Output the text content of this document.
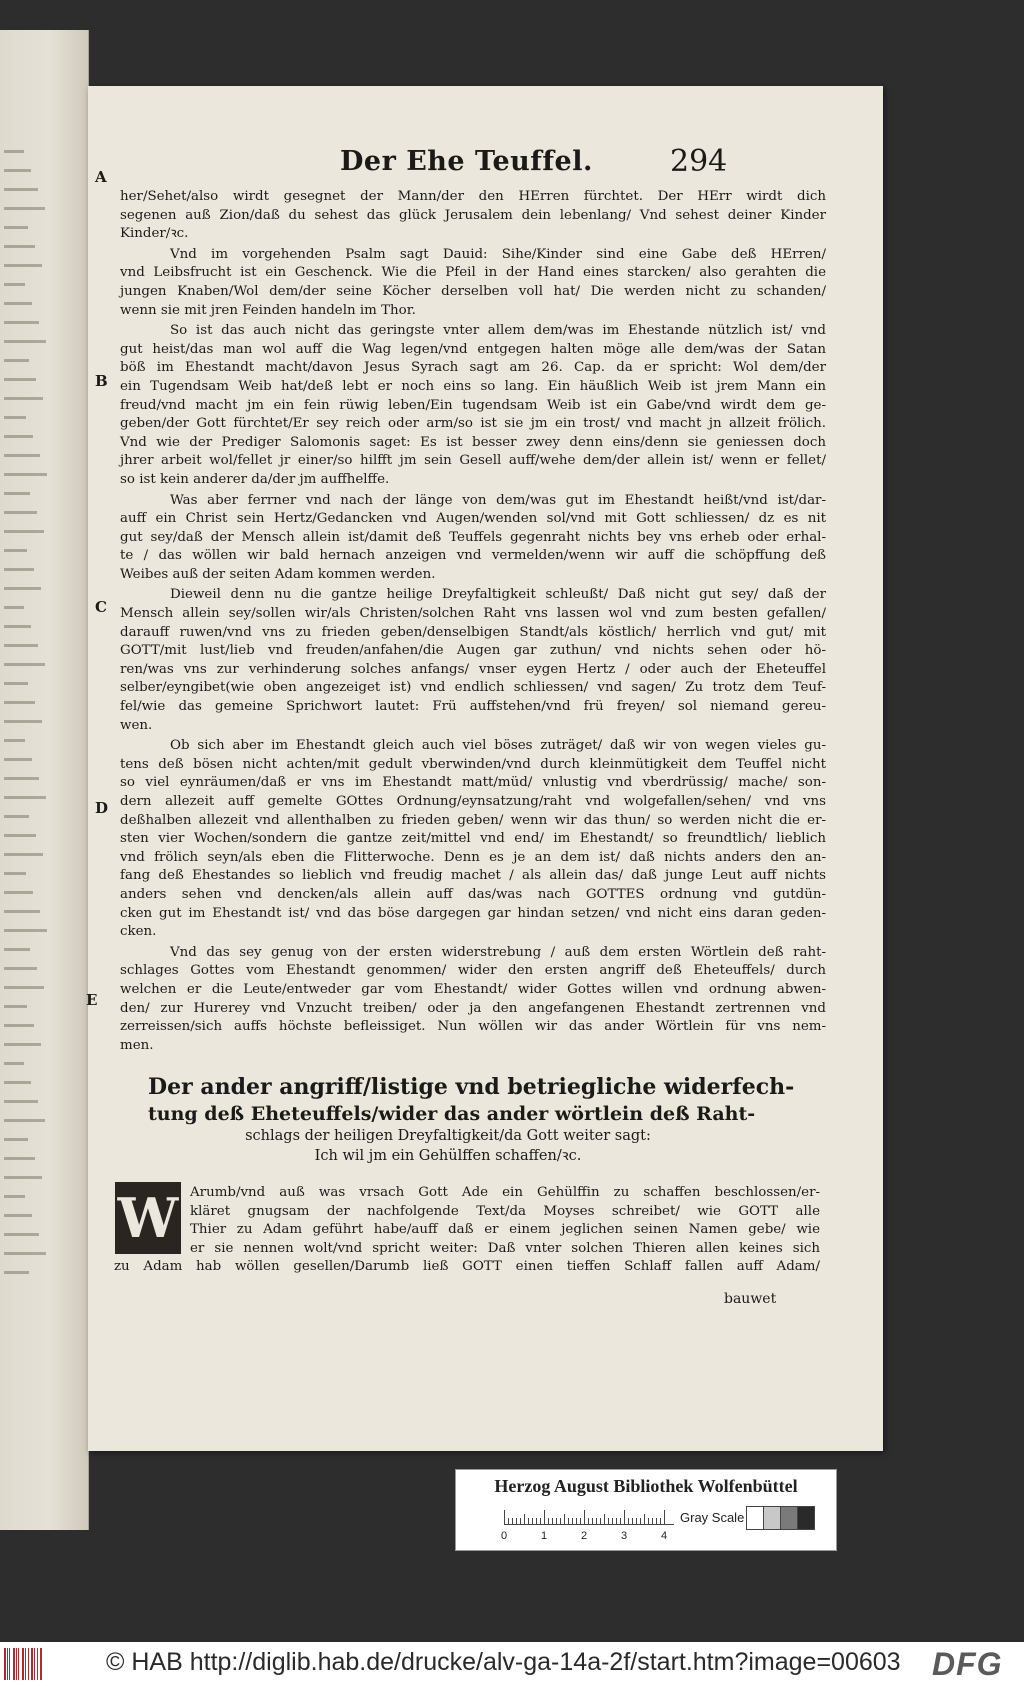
Der Ehe Teuffel.	294
A
B
C
D
E
her/Sehet/also wirdt gesegnet der Mann/der den HErren fürchtet. Der HErr wirdt dich
segenen auß Zion/daß du sehest das glück Jerusalem dein lebenlang/ Vnd sehest deiner Kinder
Kinder/ꝛc.
Vnd im vorgehenden Psalm sagt Dauid: Sihe/Kinder sind eine Gabe deß HErren/
vnd Leibsfrucht ist ein Geschenck. Wie die Pfeil in der Hand eines starcken/ also gerahten die
jungen Knaben/Wol dem/der seine Köcher derselben voll hat/ Die werden nicht zu schanden/
wenn sie mit jren Feinden handeln im Thor.
So ist das auch nicht das geringste vnter allem dem/was im Ehestande nützlich ist/ vnd
gut heist/das man wol auff die Wag legen/vnd entgegen halten möge alle dem/was der Satan
böß im Ehestandt macht/davon Jesus Syrach sagt am 26. Cap. da er spricht: Wol dem/der
ein Tugendsam Weib hat/deß lebt er noch eins so lang. Ein häußlich Weib ist jrem Mann ein
freud/vnd macht jm ein fein rüwig leben/Ein tugendsam Weib ist ein Gabe/vnd wirdt dem ge-
geben/der Gott fürchtet/Er sey reich oder arm/so ist sie jm ein trost/ vnd macht jn allzeit frölich.
Vnd wie der Prediger Salomonis saget: Es ist besser zwey denn eins/denn sie geniessen doch
jhrer arbeit wol/fellet jr einer/so hilfft jm sein Gesell auff/wehe dem/der allein ist/ wenn er fellet/
so ist kein anderer da/der jm auffhelffe.
Was aber ferrner vnd nach der länge von dem/was gut im Ehestandt heißt/vnd ist/dar-
auff ein Christ sein Hertz/Gedancken vnd Augen/wenden sol/vnd mit Gott schliessen/ dz es nit
gut sey/daß der Mensch allein ist/damit deß Teuffels gegenraht nichts bey vns erheb oder erhal-
te / das wöllen wir bald hernach anzeigen vnd vermelden/wenn wir auff die schöpffung deß
Weibes auß der seiten Adam kommen werden.
Dieweil denn nu die gantze heilige Dreyfaltigkeit schleußt/ Daß nicht gut sey/ daß der
Mensch allein sey/sollen wir/als Christen/solchen Raht vns lassen wol vnd zum besten gefallen/
darauff ruwen/vnd vns zu frieden geben/denselbigen Standt/als köstlich/ herrlich vnd gut/ mit
GOTT/mit lust/lieb vnd freuden/anfahen/die Augen gar zuthun/ vnd nichts sehen oder hö-
ren/was vns zur verhinderung solches anfangs/ vnser eygen Hertz / oder auch der Eheteuffel
selber/eyngibet(wie oben angezeiget ist) vnd endlich schliessen/ vnd sagen/ Zu trotz dem Teuf-
fel/wie das gemeine Sprichwort lautet: Frü auffstehen/vnd frü freyen/ sol niemand gereu-
wen.
Ob sich aber im Ehestandt gleich auch viel böses zuträget/ daß wir von wegen vieles gu-
tens deß bösen nicht achten/mit gedult vberwinden/vnd durch kleinmütigkeit dem Teuffel nicht
so viel eynräumen/daß er vns im Ehestandt matt/müd/ vnlustig vnd vberdrüssig/ mache/ son-
dern allezeit auff gemelte GOttes Ordnung/eynsatzung/raht vnd wolgefallen/sehen/ vnd vns
deßhalben allezeit vnd allenthalben zu frieden geben/ wenn wir das thun/ so werden nicht die er-
sten vier Wochen/sondern die gantze zeit/mittel vnd end/ im Ehestandt/ so freundtlich/ lieblich
vnd frölich seyn/als eben die Flitterwoche. Denn es je an dem ist/ daß nichts anders den an-
fang deß Ehestandes so lieblich vnd freudig machet / als allein das/ daß junge Leut auff nichts
anders sehen vnd dencken/als allein auff das/was nach GOTTES ordnung vnd gutdün-
cken gut im Ehestandt ist/ vnd das böse dargegen gar hindan setzen/ vnd nicht eins daran geden-
cken.
Vnd das sey genug von der ersten widerstrebung / auß dem ersten Wörtlein deß raht-
schlages Gottes vom Ehestandt genommen/ wider den ersten angriff deß Eheteuffels/ durch
welchen er die Leute/entweder gar vom Ehestandt/ wider Gottes willen vnd ordnung abwen-
den/ zur Hurerey vnd Vnzucht treiben/ oder ja den angefangenen Ehestandt zertrennen vnd
zerreissen/sich auffs höchste befleissiget. Nun wöllen wir das ander Wörtlein für vns nem-
men.
Der ander angriff/listige vnd betriegliche widerfech-
tung deß Eheteuffels/wider das ander wörtlein deß Raht-
schlags der heiligen Dreyfaltigkeit/da Gott weiter sagt:
Ich wil jm ein Gehülffen schaffen/ꝛc.
W Arumb/vnd auß was vrsach Gott Ade ein Gehülffin zu schaffen beschlossen/er-
kläret gnugsam der nachfolgende Text/da Moyses schreibet/ wie GOTT alle
Thier zu Adam geführt habe/auff daß er einem jeglichen seinen Namen gebe/ wie
er sie nennen wolt/vnd spricht weiter: Daß vnter solchen Thieren allen keines sich
zu Adam hab wöllen gesellen/Darumb ließ GOTT einen tieffen Schlaff fallen auff Adam/
bauwet
Herzog August Bibliothek Wolfenbüttel
0	1	2	3	4
Gray Scale
© HAB http://diglib.hab.de/drucke/alv-ga-14a-2f/start.htm?image=00603 DFG
